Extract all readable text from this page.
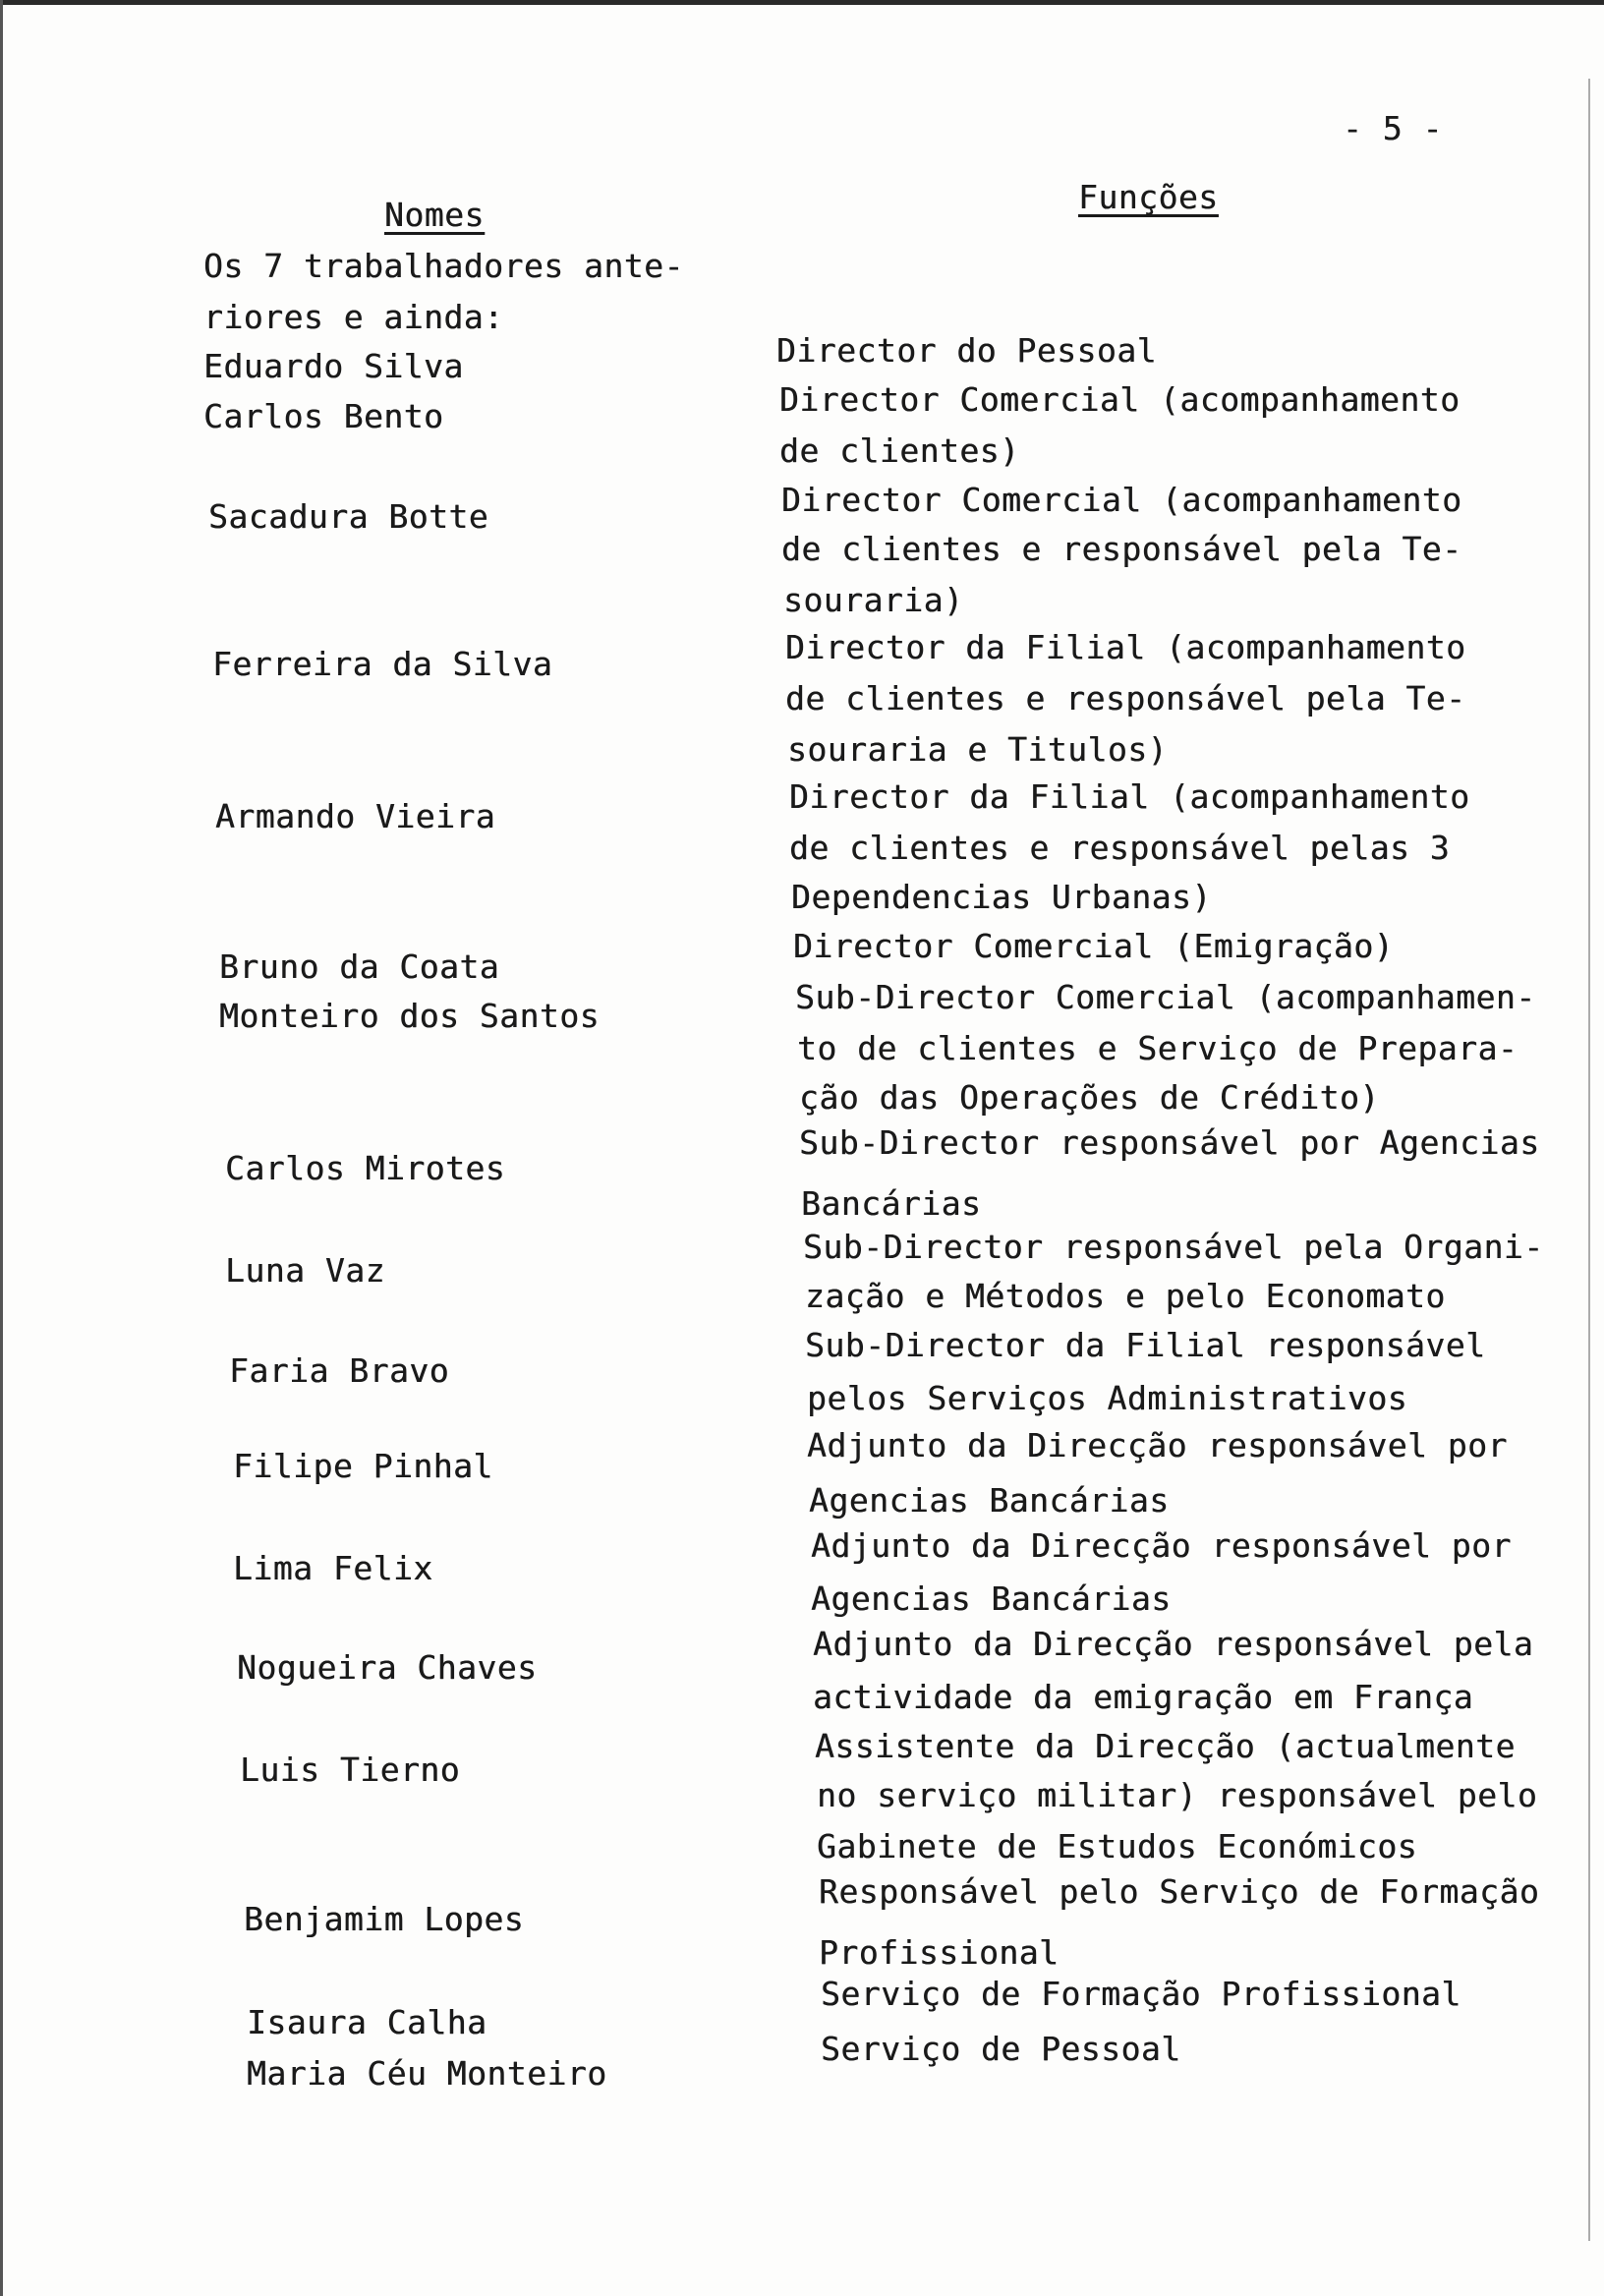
- 5 -
Nomes	Funções
Os 7 trabalhadores ante-
riores e ainda:
Eduardo Silva
Carlos Bento
Sacadura Botte
Ferreira da Silva
Armando Vieira
Bruno da Coata
Monteiro dos Santos
Carlos Mirotes
Luna Vaz
Faria Bravo
Filipe Pinhal
Lima Felix
Nogueira Chaves
Luis Tierno
Benjamim Lopes
Isaura Calha
Maria Céu Monteiro
Director do Pessoal
Director Comercial (acompanhamento
de clientes)
Director Comercial (acompanhamento
de clientes e responsável pela Te-
souraria)
Director da Filial (acompanhamento
de clientes e responsável pela Te-
souraria e Titulos)
Director da Filial (acompanhamento
de clientes e responsável pelas 3
Dependencias Urbanas)
Director Comercial (Emigração)
Sub-Director Comercial (acompanhamen-
to de clientes e Serviço de Prepara-
ção das Operações de Crédito)
Sub-Director responsável por Agencias
Bancárias
Sub-Director responsável pela Organi-
zação e Métodos e pelo Economato
Sub-Director da Filial responsável
pelos Serviços Administrativos
Adjunto da Direcção responsável por
Agencias Bancárias
Adjunto da Direcção responsável por
Agencias Bancárias
Adjunto da Direcção responsável pela
actividade da emigração em França
Assistente da Direcção (actualmente
no serviço militar) responsável pelo
Gabinete de Estudos Económicos
Responsável pelo Serviço de Formação
Profissional
Serviço de Formação Profissional
Serviço de Pessoal
